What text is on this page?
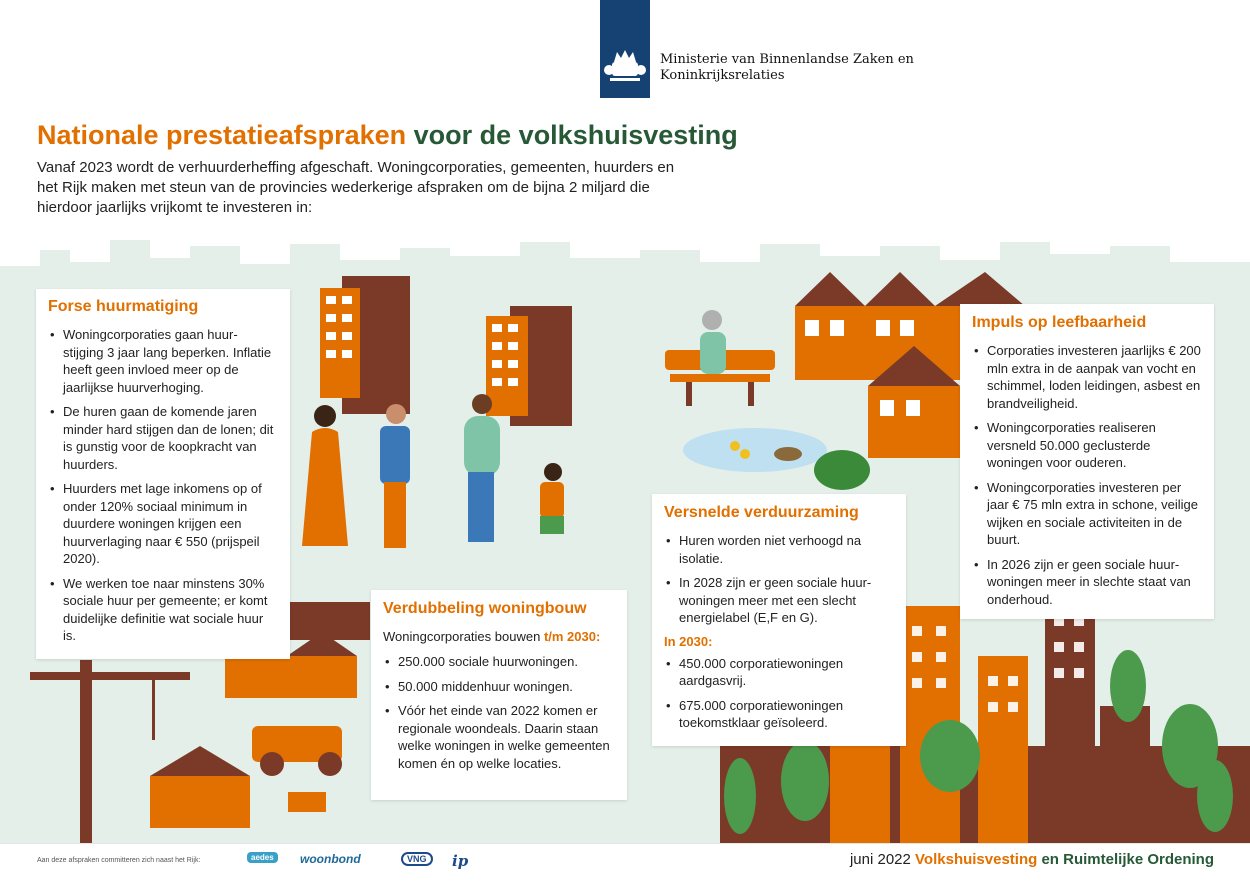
Ministerie van Binnenlandse Zaken en
Koninkrijksrelaties
Nationale prestatieafspraken voor de volkshuisvesting
Vanaf 2023 wordt de verhuurderheffing afgeschaft. Woningcorporaties, gemeenten, huurders en het Rijk maken met steun van de provincies wederkerige afspraken om de bijna 2 miljard die hierdoor jaarlijks vrijkomt te investeren in:
Forse huurmatiging
• Woningcorporaties gaan huur-stijging 3 jaar lang beperken. Inflatie heeft geen invloed meer op de jaarlijkse huurverhoging.
• De huren gaan de komende jaren minder hard stijgen dan de lonen; dit is gunstig voor de koopkracht van huurders.
• Huurders met lage inkomens op of onder 120% sociaal minimum in duurdere woningen krijgen een huurverlaging naar € 550 (prijspeil 2020).
• We werken toe naar minstens 30% sociale huur per gemeente; er komt duidelijke definitie wat sociale huur is.
Verdubbeling woningbouw

Woningcorporaties bouwen t/m 2030:

• 250.000 sociale huurwoningen.
• 50.000 middenhuur woningen.
• Vóór het einde van 2022 komen er regionale woondeals. Daarin staan welke woningen in welke gemeenten komen én op welke locaties.
Versnelde verduurzaming
• Huren worden niet verhoogd na isolatie.
• In 2028 zijn er geen sociale huur-woningen meer met een slecht energielabel (E,F en G).
In 2030:
• 450.000 corporatiewoningen aardgasvrij.
• 675.000 corporatiewoningen toekomstklaar geïsoleerd.
Impuls op leefbaarheid
• Corporaties investeren jaarlijks € 200 mln extra in de aanpak van vocht en schimmel, loden leidingen, asbest en brandveiligheid.
• Woningcorporaties realiseren versneld 50.000 geclusterde woningen voor ouderen.
• Woningcorporaties investeren per jaar € 75 mln extra in schone, veilige wijken en sociale activiteiten in de buurt.
• In 2026 zijn er geen sociale huur-woningen meer in slechte staat van onderhoud.
Aan deze afspraken committeren zich naast het Rijk:	aedes	woonbond	VNG	ip	juni 2022 Volkshuisvesting en Ruimtelijke Ordening
